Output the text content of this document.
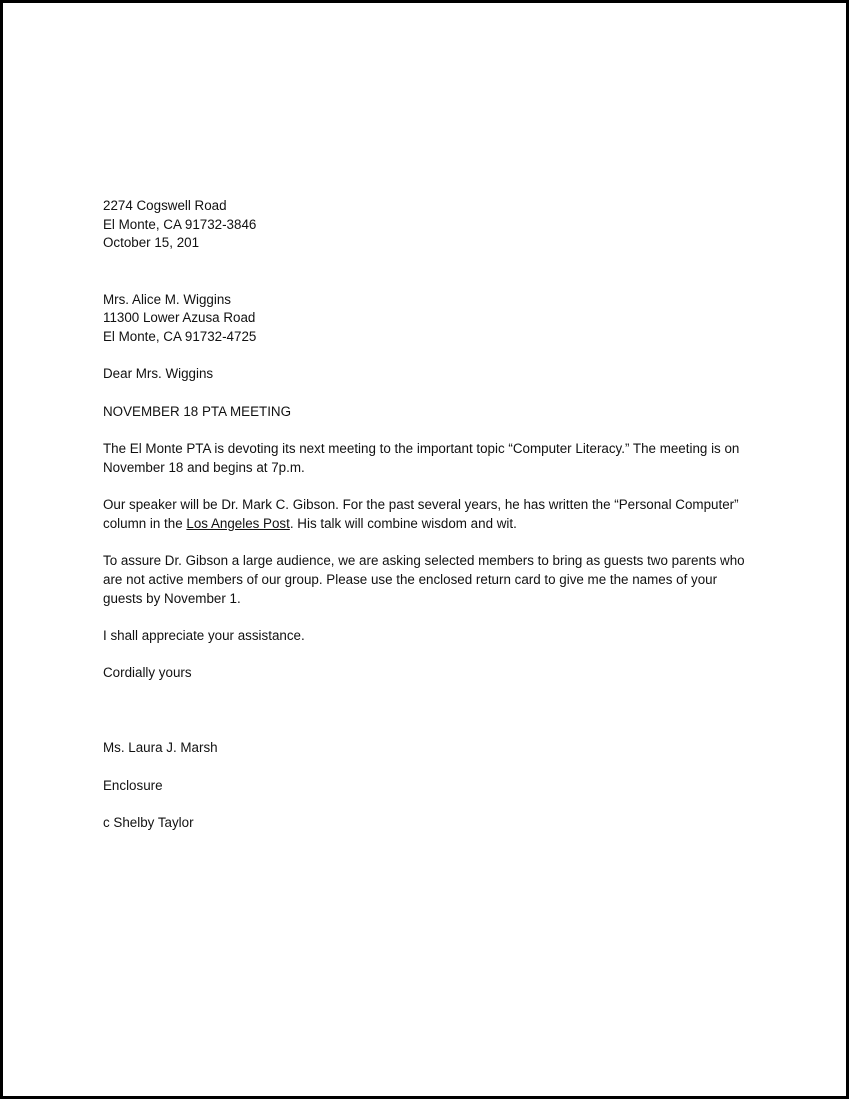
2274 Cogswell Road
El Monte, CA 91732-3846
October 15, 201
Mrs. Alice M. Wiggins
11300 Lower Azusa Road
El Monte, CA 91732-4725
Dear Mrs. Wiggins
NOVEMBER 18 PTA MEETING

The El Monte PTA is devoting its next meeting to the important topic “Computer Literacy.” The meeting is on November 18 and begins at 7p.m.

Our speaker will be Dr. Mark C. Gibson. For the past several years, he has written the “Personal Computer” column in the Los Angeles Post. His talk will combine wisdom and wit.

To assure Dr. Gibson a large audience, we are asking selected members to bring as guests two parents who are not active members of our group. Please use the enclosed return card to give me the names of your guests by November 1.

I shall appreciate your assistance.

Cordially yours
Ms. Laura J. Marsh
Enclosure
c Shelby Taylor
